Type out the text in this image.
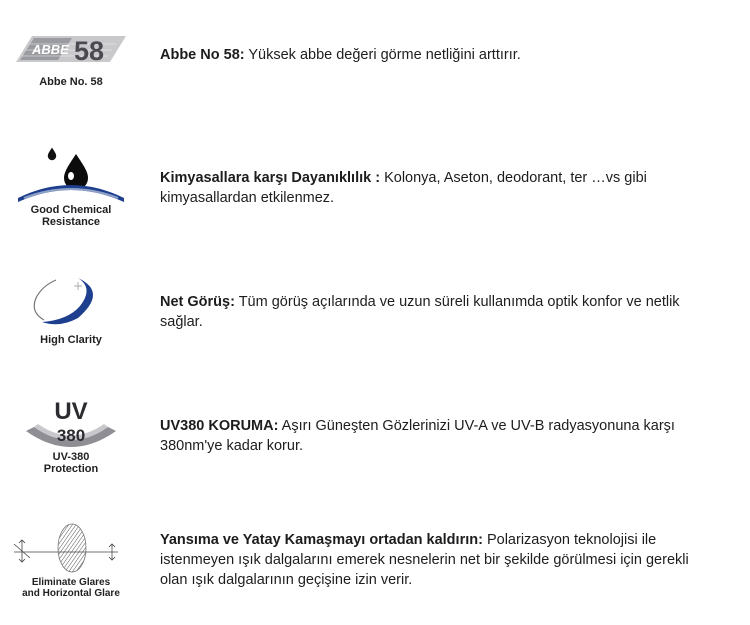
ABBE 58
Abbe No. 58
Abbe No 58: Yüksek abbe değeri görme netliğini arttırır.
Good Chemical
Resistance
Kimyasallara karşı Dayanıklılık : Kolonya, Aseton, deodorant, ter …vs gibi kimyasallardan etkilenmez.
High Clarity
Net Görüş: Tüm görüş açılarında ve uzun süreli kullanımda optik konfor ve netlik sağlar.
UV
380
UV-380
Protection
UV380 KORUMA: Aşırı Güneşten Gözlerinizi UV-A ve UV-B radyasyonuna karşı 380nm'ye kadar korur.
Eliminate Glares
and Horizontal Glare
Yansıma ve Yatay Kamaşmayı ortadan kaldırın: Polarizasyon teknolojisi ile istenmeyen ışık dalgalarını emerek nesnelerin net bir şekilde görülmesi için gerekli olan ışık dalgalarının geçişine izin verir.
